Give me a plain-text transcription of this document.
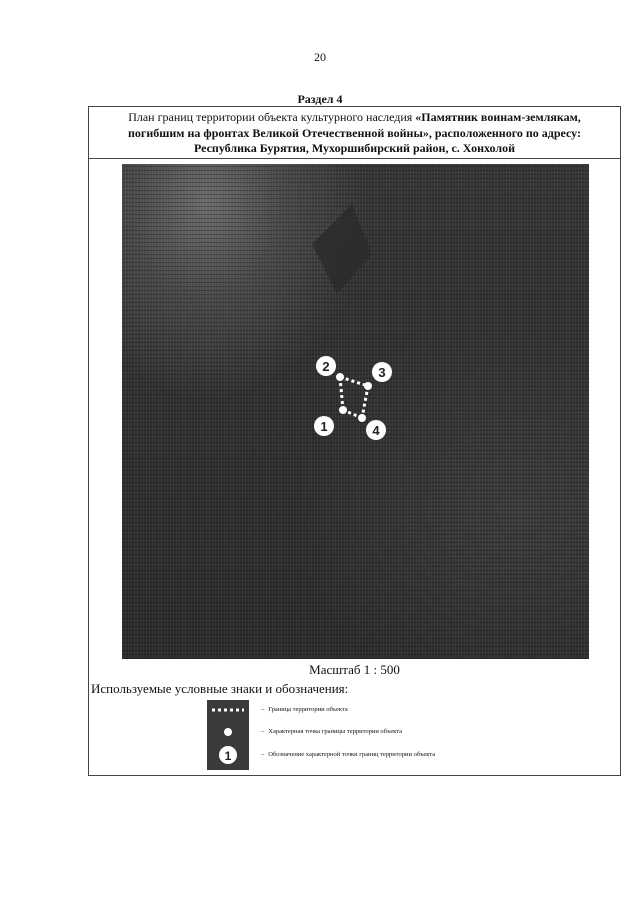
20
Раздел 4
План границ территории объекта культурного наследия «Памятник воинам-землякам, погибшим на фронтах Великой Отечественной войны», расположенного по адресу: Республика Бурятия, Мухоршибирский район, с. Хонхолой
1
2	3
4
Масштаб 1 : 500
Используемые условные знаки и обозначения:
1
– Граница территории объекта
– Характерная точка границы территории объекта
– Обозначение характерной точки границ территории объекта
